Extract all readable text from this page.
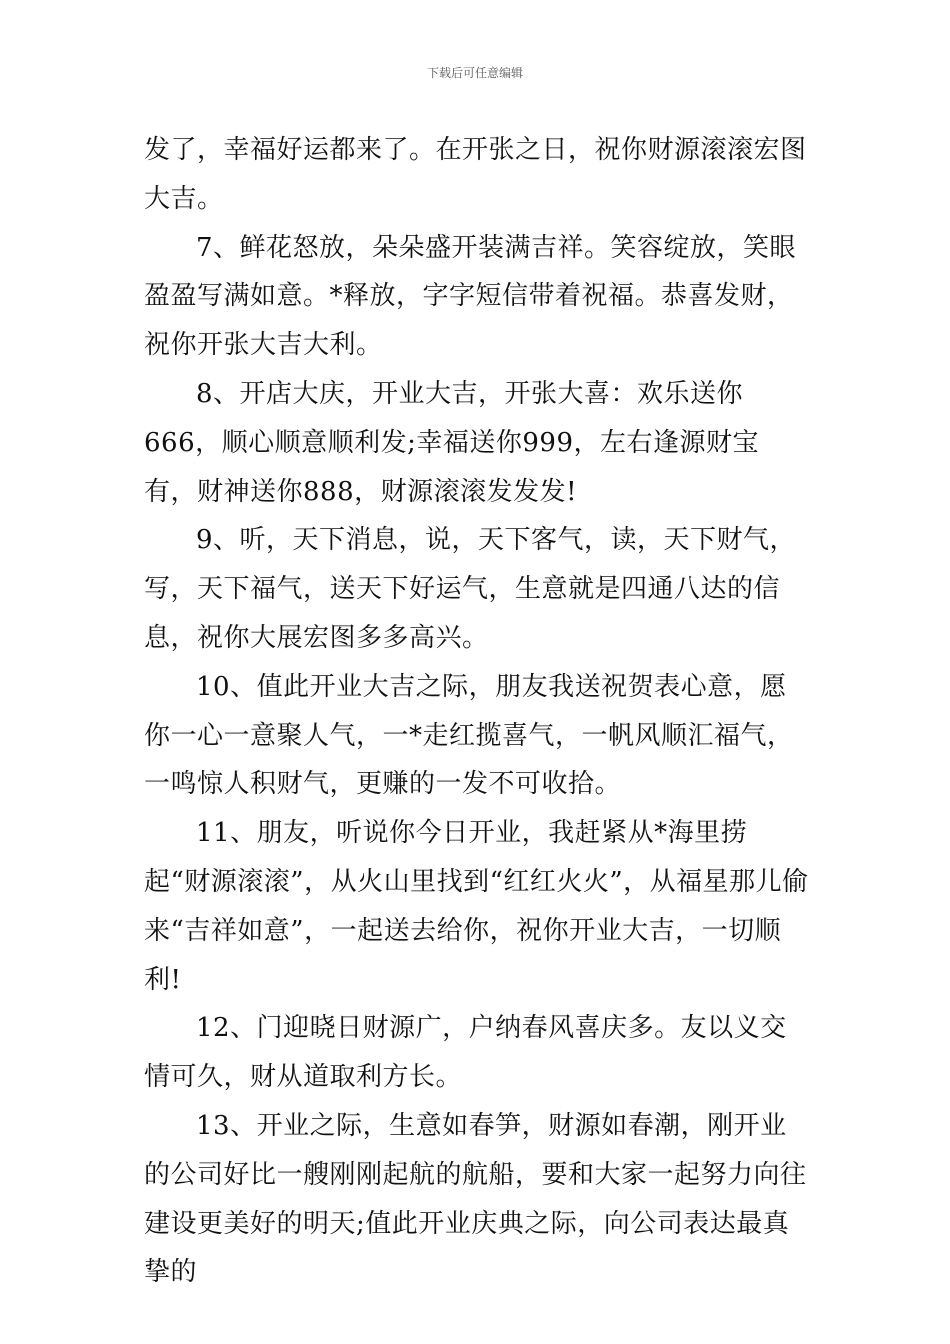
下载后可任意编辑

发了，幸福好运都来了。在开张之日，祝你财源滚滚宏图大吉。

7、鲜花怒放，朵朵盛开装满吉祥。笑容绽放，笑眼盈盈写满如意。*释放，字字短信带着祝福。恭喜发财，祝你开张大吉大利。

8、开店大庆，开业大吉，开张大喜：欢乐送你666，顺心顺意顺利发;幸福送你999，左右逢源财宝有，财神送你888，财源滚滚发发发!

9、听，天下消息，说，天下客气，读，天下财气，写，天下福气，送天下好运气，生意就是四通八达的信息，祝你大展宏图多多高兴。

10、值此开业大吉之际，朋友我送祝贺表心意，愿你一心一意聚人气，一*走红揽喜气，一帆风顺汇福气，一鸣惊人积财气，更赚的一发不可收拾。

11、朋友，听说你今日开业，我赶紧从*海里捞起“财源滚滚”，从火山里找到“红红火火”，从福星那儿偷来“吉祥如意”，一起送去给你，祝你开业大吉，一切顺利!

12、门迎晓日财源广，户纳春风喜庆多。友以义交情可久，财从道取利方长。

13、开业之际，生意如春笋，财源如春潮，刚开业的公司好比一艘刚刚起航的航船，要和大家一起努力向往建设更美好的明天;值此开业庆典之际，向公司表达最真挚的
